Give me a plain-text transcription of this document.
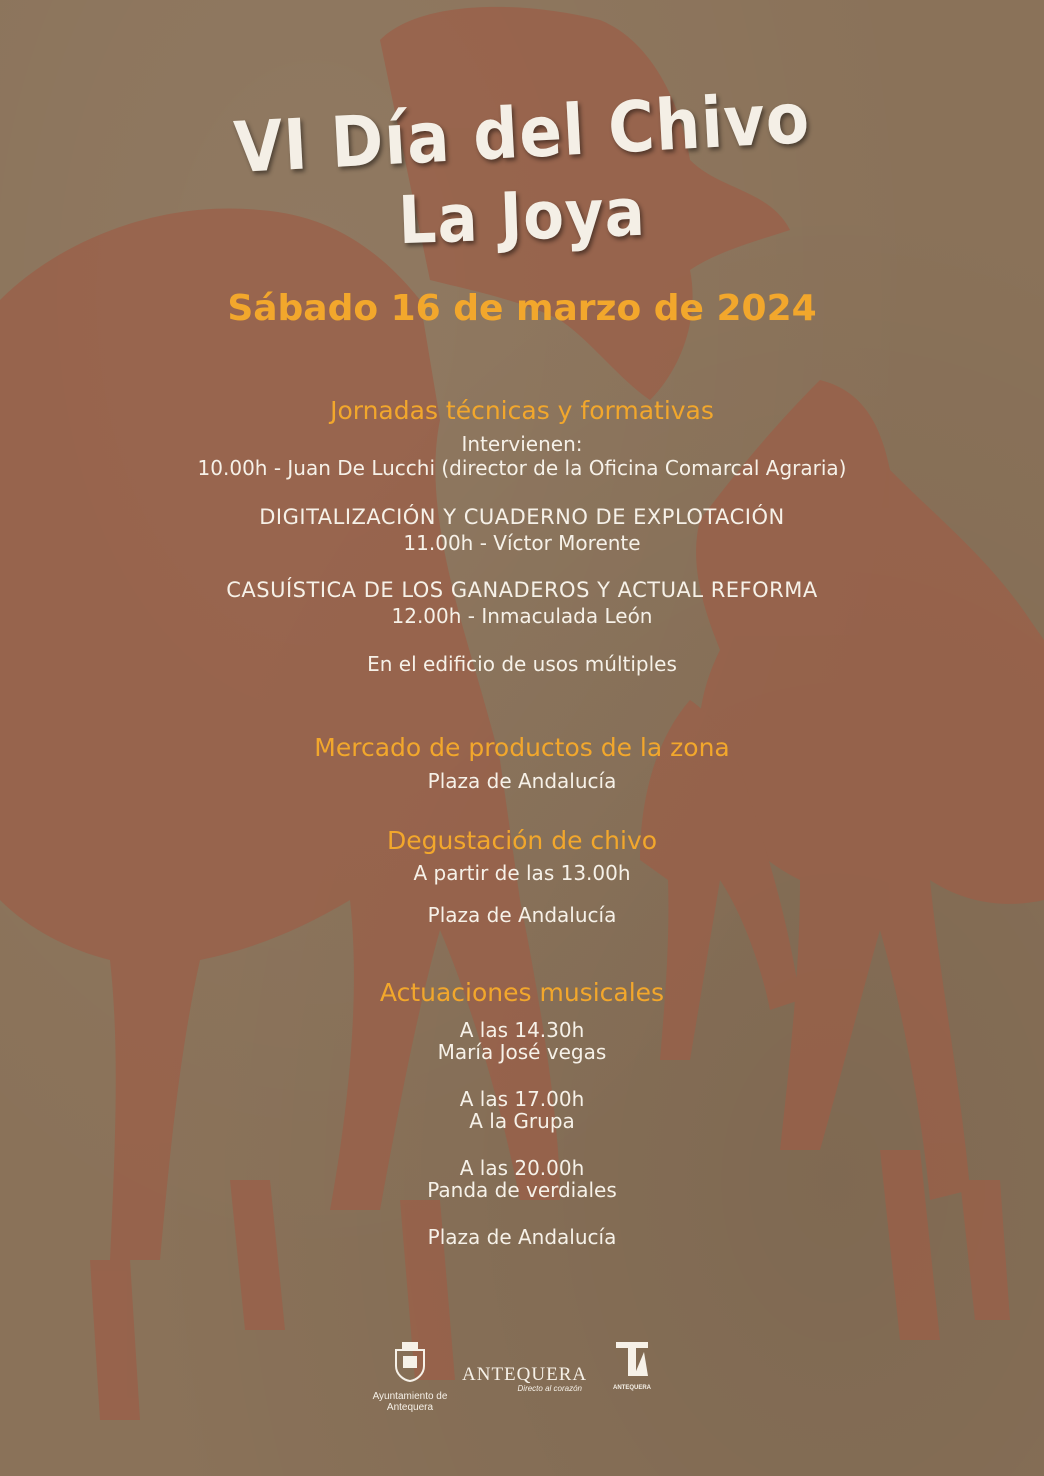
VI Día del Chivo
La Joya
Sábado 16 de marzo de 2024
Jornadas técnicas y formativas
Intervienen:
10.00h - Juan De Lucchi (director de la Oficina Comarcal Agraria)
DIGITALIZACIÓN Y CUADERNO DE EXPLOTACIÓN
11.00h - Víctor Morente
CASUÍSTICA DE LOS GANADEROS Y ACTUAL REFORMA
12.00h - Inmaculada León
En el edificio de usos múltiples
Mercado de productos de la zona
Plaza de Andalucía
Degustación de chivo
A partir de las 13.00h
Plaza de Andalucía
Actuaciones musicales
A las 14.30h
María José vegas
A las 17.00h
A la Grupa
A las 20.00h
Panda de verdiales
Plaza de Andalucía
Ayuntamiento de Antequera
ANTEQUERA
Directo al corazón	ANTEQUERA
